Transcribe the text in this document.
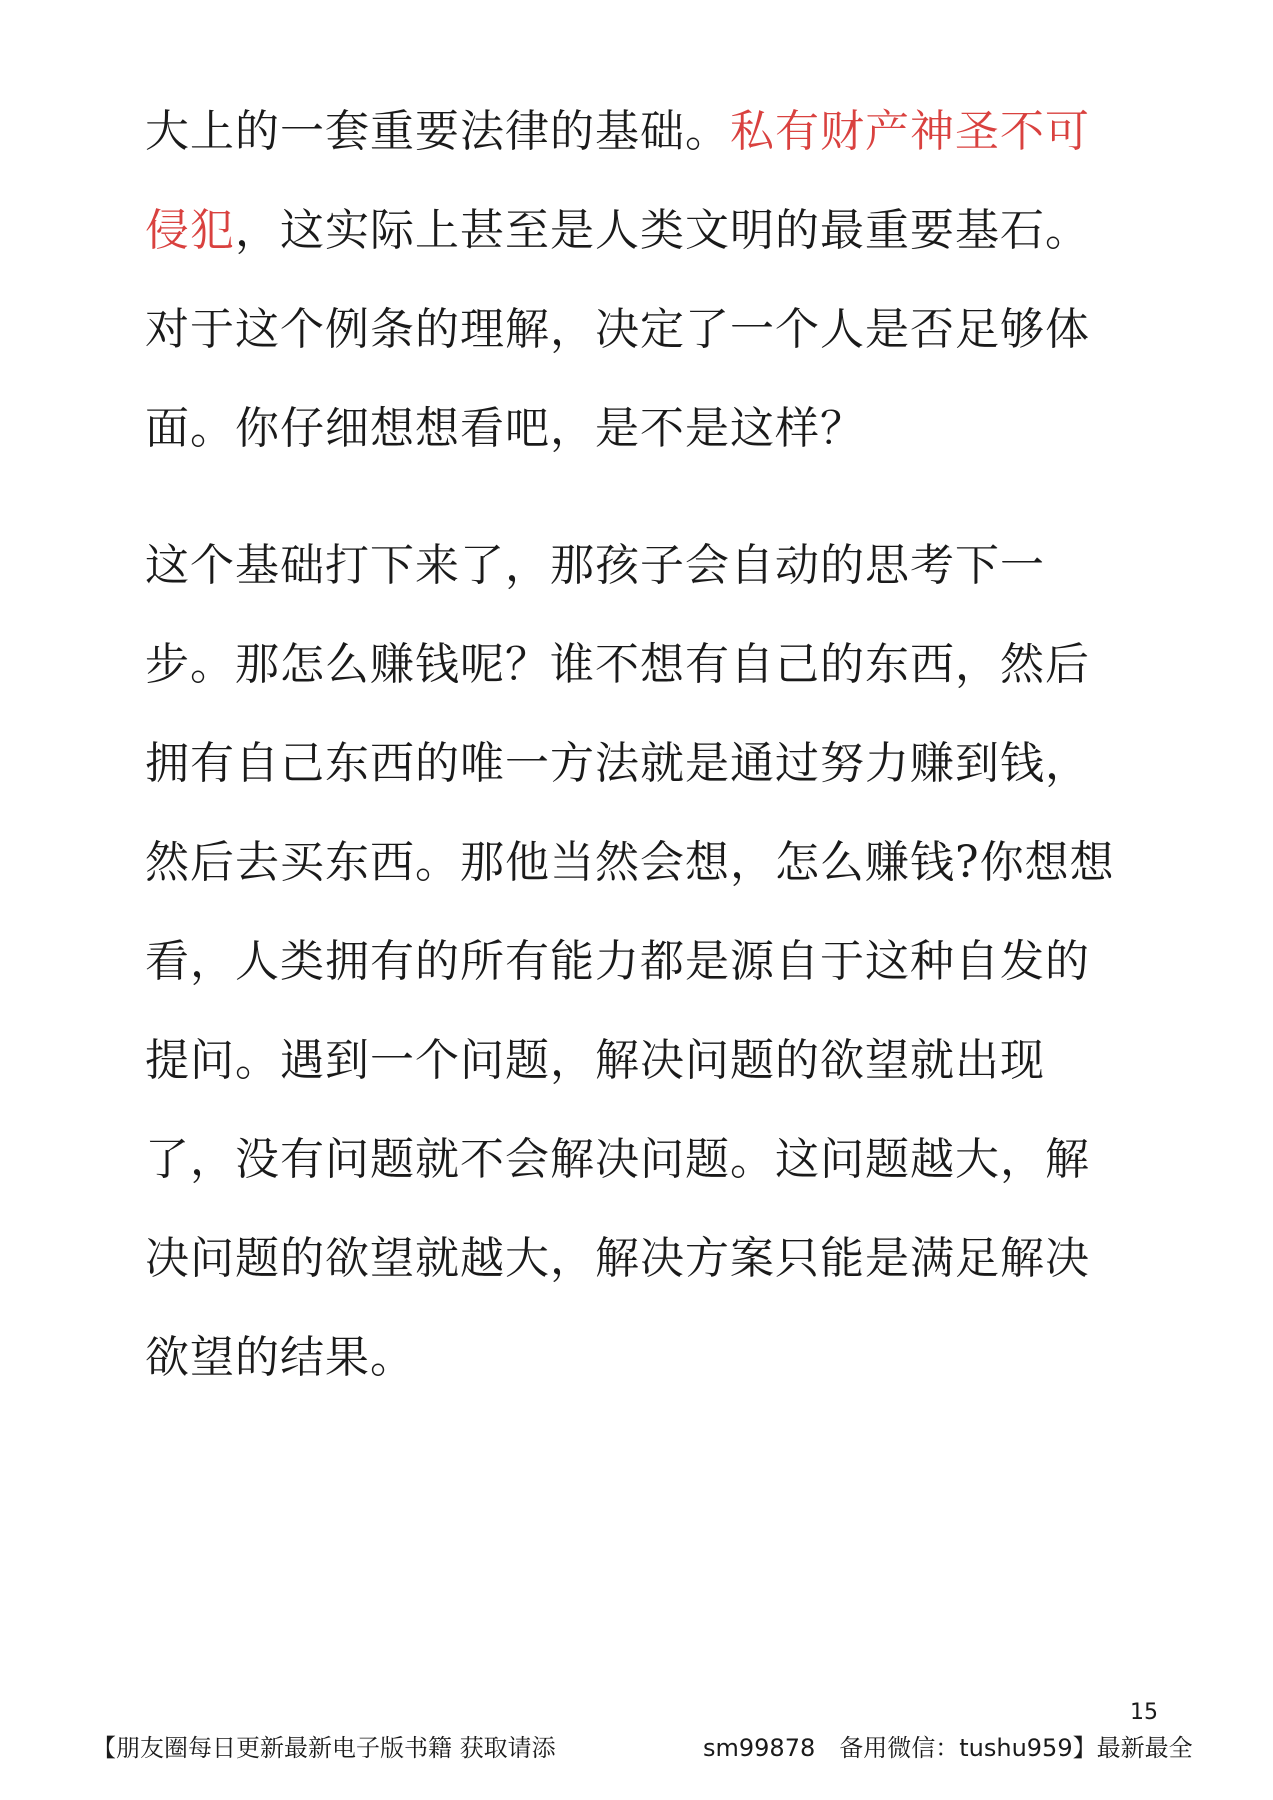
大上的一套重要法律的基础。私有财产神圣不可
侵犯，这实际上甚至是人类文明的最重要基石。
对于这个例条的理解，决定了一个人是否足够体
面。你仔细想想看吧，是不是这样？
这个基础打下来了，那孩子会自动的思考下一
步。那怎么赚钱呢？谁不想有自己的东西，然后
拥有自己东西的唯一方法就是通过努力赚到钱，
然后去买东西。那他当然会想，怎么赚钱?你想想
看，人类拥有的所有能力都是源自于这种自发的
提问。遇到一个问题，解决问题的欲望就出现
了，没有问题就不会解决问题。这问题越大，解
决问题的欲望就越大，解决方案只能是满足解决
欲望的结果。
15
【朋友圈每日更新最新电子版书籍 获取请添	sm99878　备用微信：tushu959】最新最全
